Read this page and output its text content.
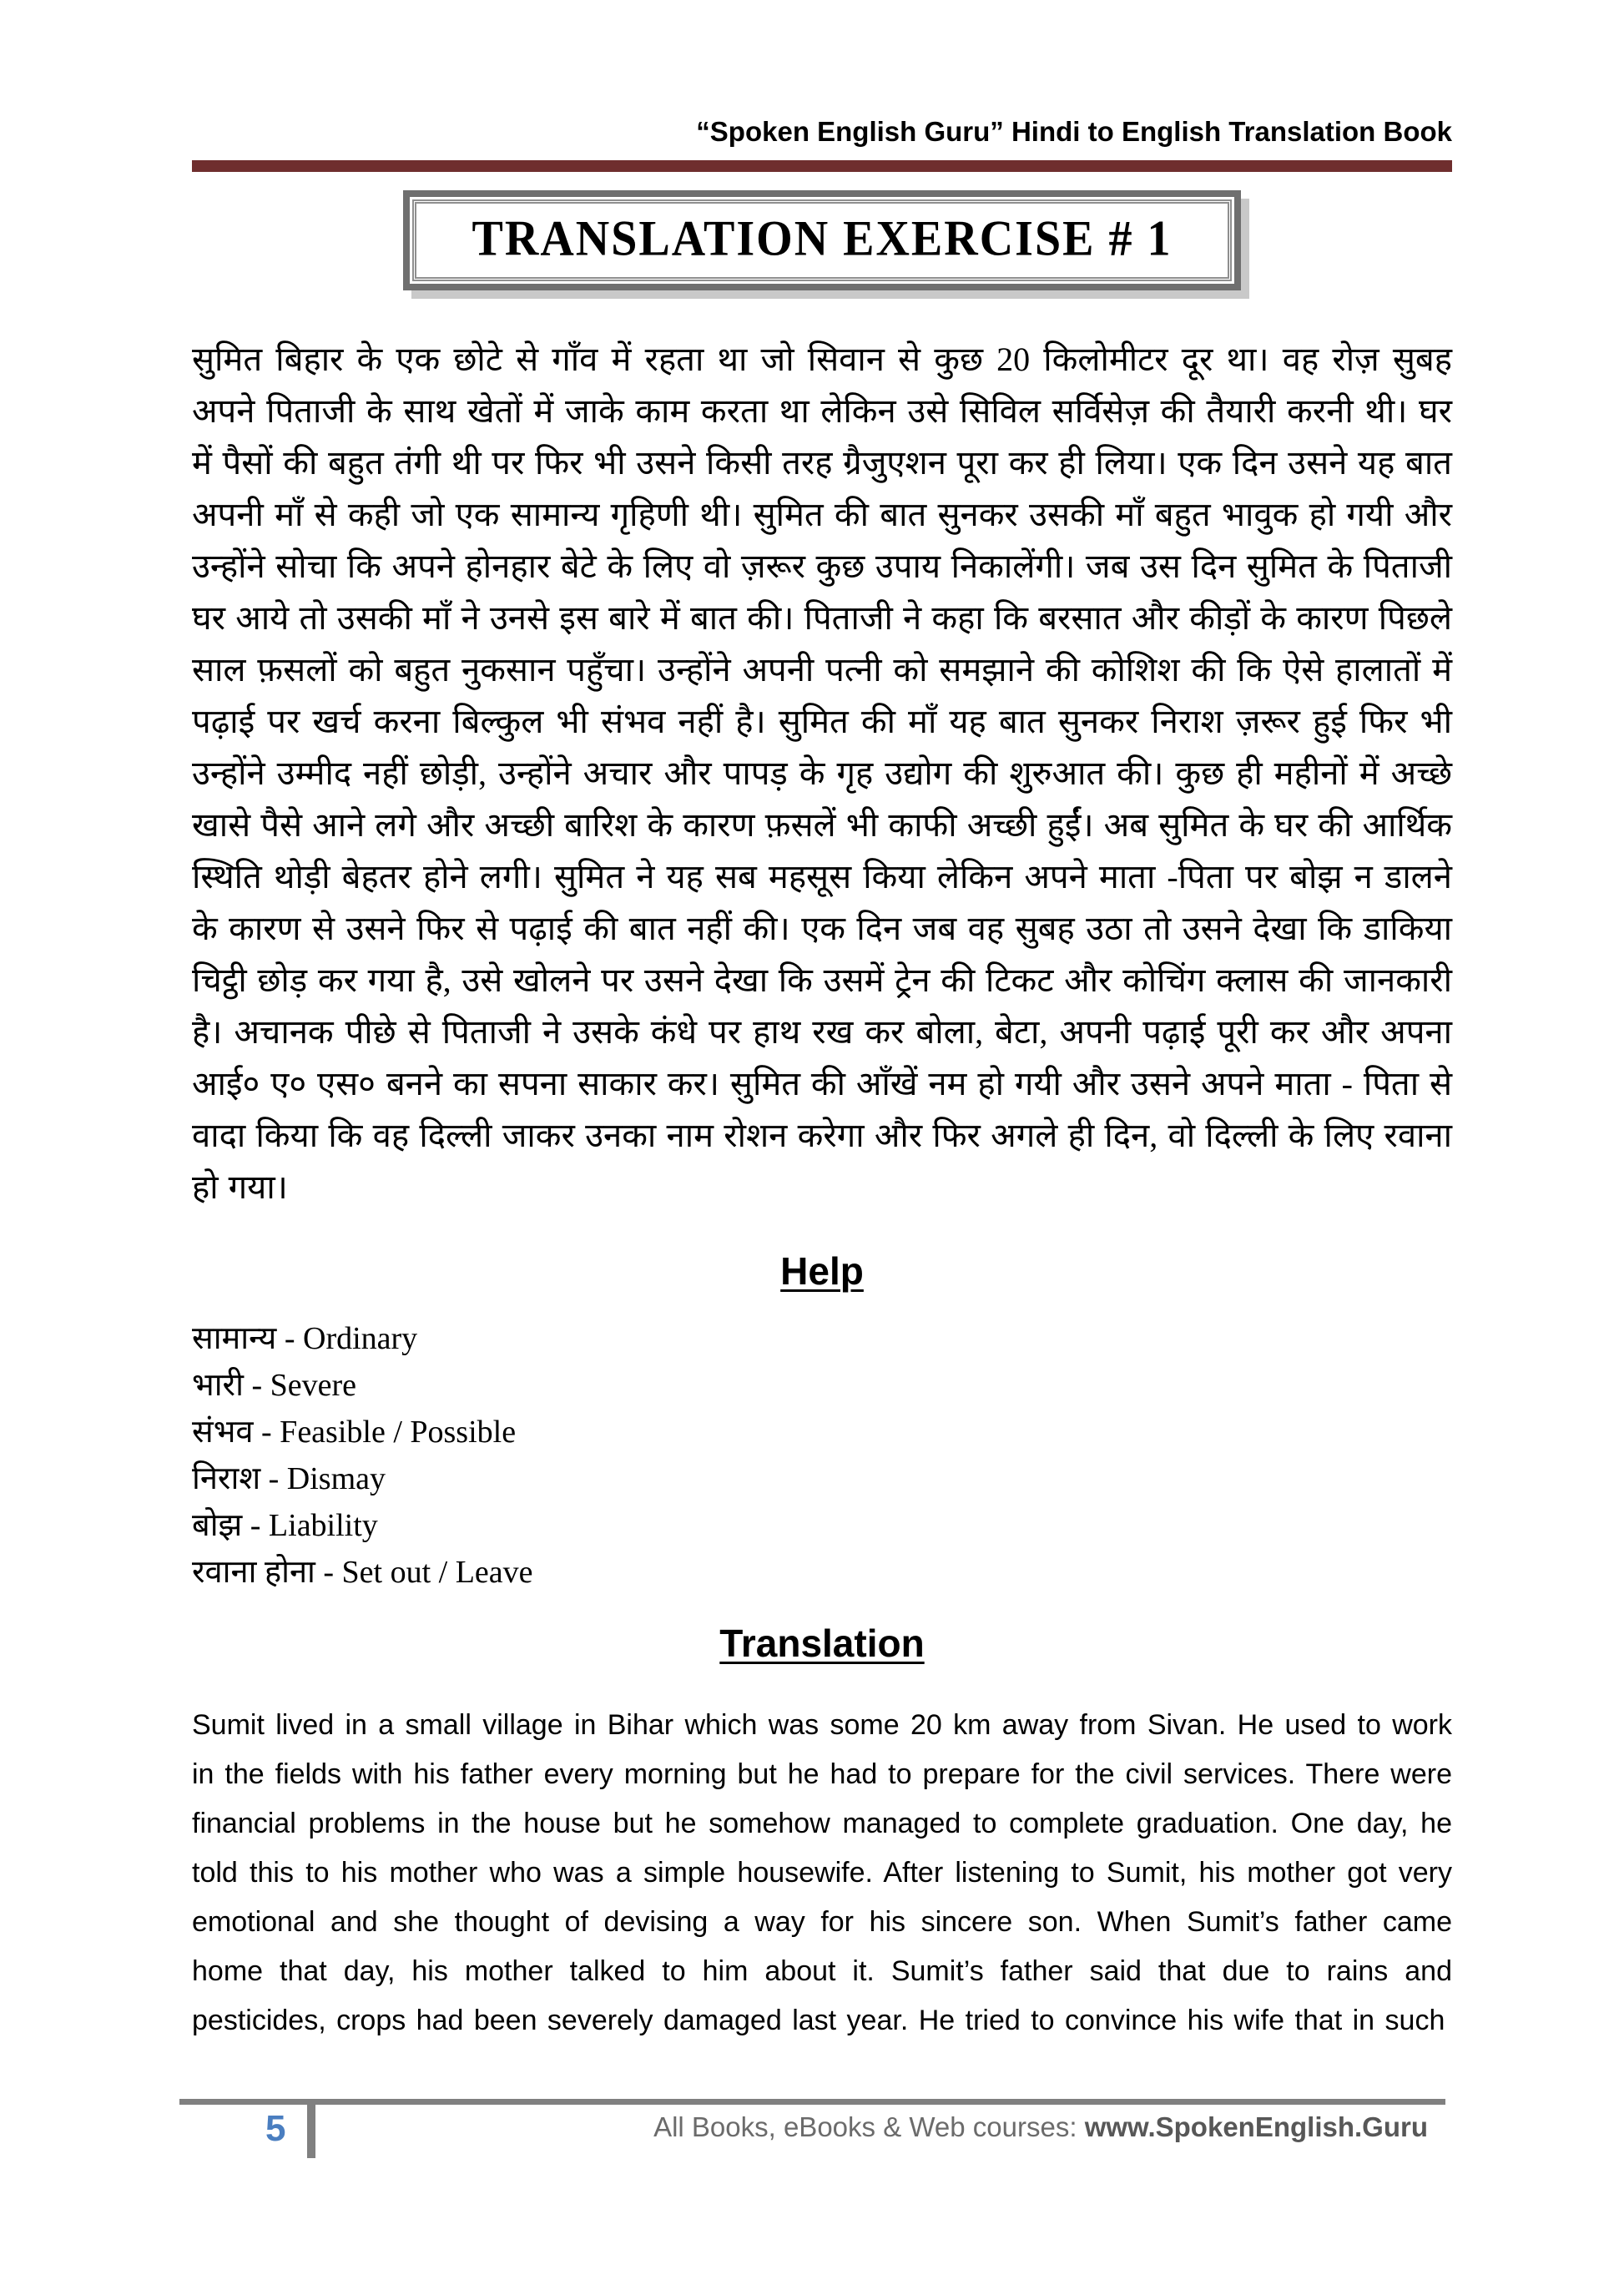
“Spoken English Guru” Hindi to English Translation Book
TRANSLATION EXERCISE # 1
सुमित बिहार के एक छोटे से गाँव में रहता था जो सिवान से कुछ 20 किलोमीटर दूर था। वह रोज़ सुबह अपने पिताजी के साथ खेतों में जाके काम करता था लेकिन उसे सिविल सर्विसेज़ की तैयारी करनी थी। घर में पैसों की बहुत तंगी थी पर फिर भी उसने किसी तरह ग्रैजुएशन पूरा कर ही लिया। एक दिन उसने यह बात अपनी माँ से कही जो एक सामान्य गृहिणी थी। सुमित की बात सुनकर उसकी माँ बहुत भावुक हो गयी और उन्होंने सोचा कि अपने होनहार बेटे के लिए वो ज़रूर कुछ उपाय निकालेंगी। जब उस दिन सुमित के पिताजी घर आये तो उसकी माँ ने उनसे इस बारे में बात की। पिताजी ने कहा कि बरसात और कीड़ों के कारण पिछले साल फ़सलों को बहुत नुकसान पहुँचा। उन्होंने अपनी पत्नी को समझाने की कोशिश की कि ऐसे हालातों में पढ़ाई पर खर्च करना बिल्कुल भी संभव नहीं है। सुमित की माँ यह बात सुनकर निराश ज़रूर हुई फिर भी उन्होंने उम्मीद नहीं छोड़ी, उन्होंने अचार और पापड़ के गृह उद्योग की शुरुआत की। कुछ ही महीनों में अच्छे खासे पैसे आने लगे और अच्छी बारिश के कारण फ़सलें भी काफी अच्छी हुईं। अब सुमित के घर की आर्थिक स्थिति थोड़ी बेहतर होने लगी। सुमित ने यह सब महसूस किया लेकिन अपने माता -पिता पर बोझ न डालने के कारण से उसने फिर से पढ़ाई की बात नहीं की। एक दिन जब वह सुबह उठा तो उसने देखा कि डाकिया चिट्ठी छोड़ कर गया है, उसे खोलने पर उसने देखा कि उसमें ट्रेन की टिकट और कोचिंग क्लास की जानकारी है। अचानक पीछे से पिताजी ने उसके कंधे पर हाथ रख कर बोला, बेटा, अपनी पढ़ाई पूरी कर और अपना आई० ए० एस० बनने का सपना साकार कर। सुमित की आँखें नम हो गयी और उसने अपने माता - पिता से वादा किया कि वह दिल्ली जाकर उनका नाम रोशन करेगा और फिर अगले ही दिन, वो दिल्ली के लिए रवाना हो गया।
Help
सामान्य - Ordinary
भारी - Severe
संभव - Feasible / Possible
निराश - Dismay
बोझ - Liability
रवाना होना - Set out / Leave
Translation
Sumit lived in a small village in Bihar which was some 20 km away from Sivan. He used to work in the fields with his father every morning but he had to prepare for the civil services. There were financial problems in the house but he somehow managed to complete graduation. One day, he told this to his mother who was a simple housewife. After listening to Sumit, his mother got very emotional and she thought of devising a way for his sincere son. When Sumit’s father came home that day, his mother talked to him about it. Sumit’s father said that due to rains and pesticides, crops had been severely damaged last year. He tried to convince his wife that in such
5	All Books, eBooks & Web courses: www.SpokenEnglish.Guru
